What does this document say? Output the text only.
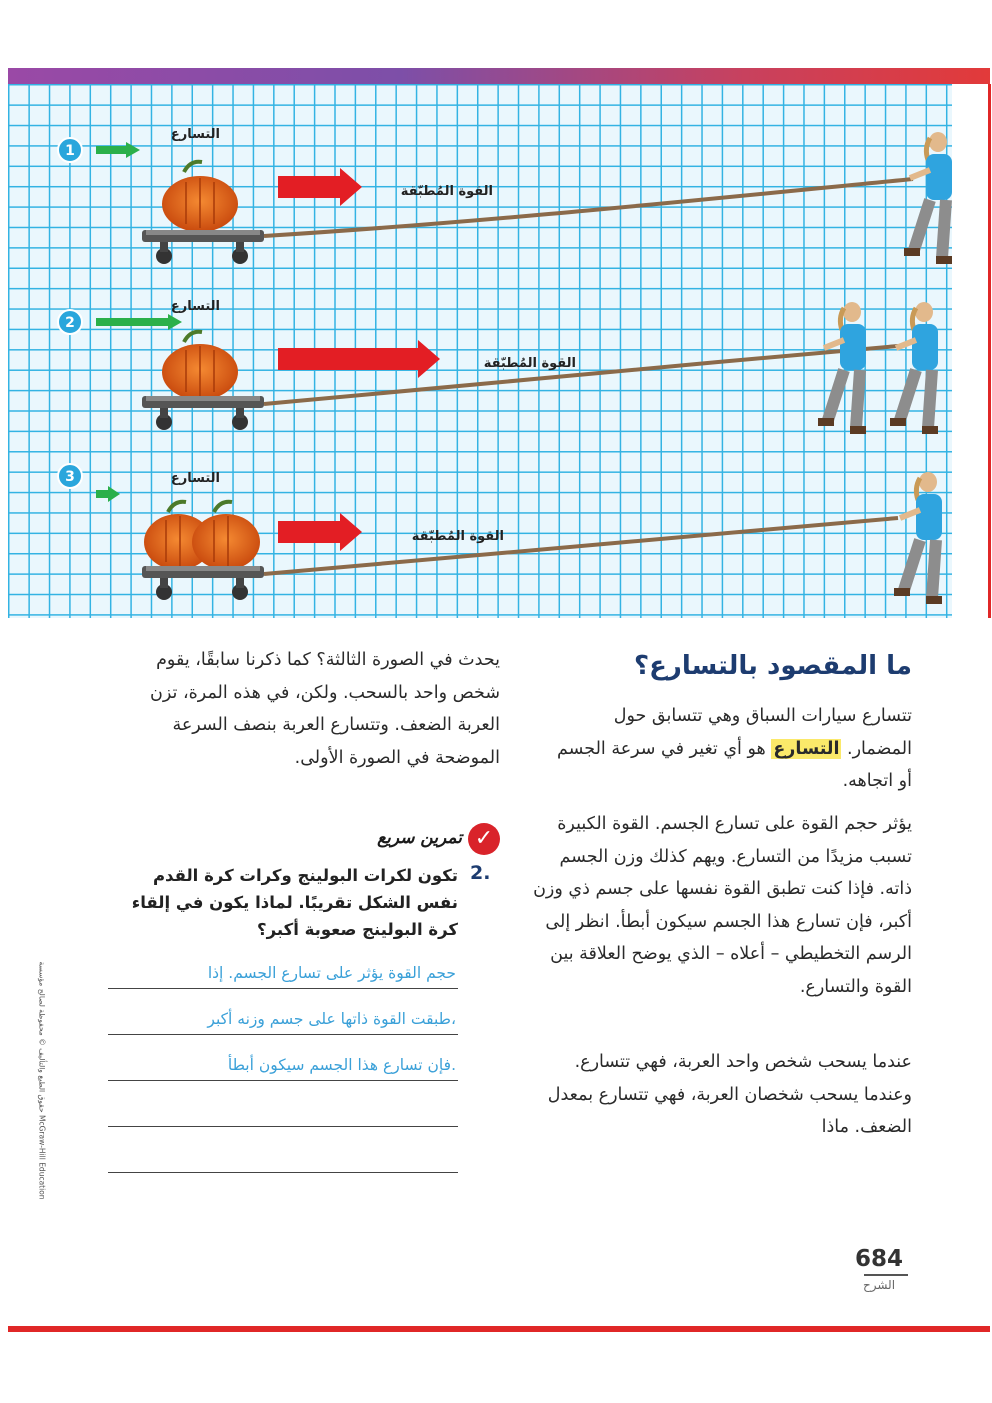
1
التسارع
القوة المُطبّقة
2
التسارع
القوة المُطبّقة
3	التسارع
القوة المُطبّقة
ما المقصود بالتسارع؟
تتسارع سيارات السباق وهي تتسابق حول المضمار. التسارع هو أي تغير في سرعة الجسم أو اتجاهه.
يؤثر حجم القوة على تسارع الجسم. القوة الكبيرة تسبب مزيدًا من التسارع. ويهم كذلك وزن الجسم ذاته. فإذا كنت تطبق القوة نفسها على جسم ذي وزن أكبر، فإن تسارع هذا الجسم سيكون أبطأ. انظر إلى الرسم التخطيطي – أعلاه – الذي يوضح العلاقة بين القوة والتسارع.
عندما يسحب شخص واحد العربة، فهي تتسارع. وعندما يسحب شخصان العربة، فهي تتسارع بمعدل الضعف. ماذا
يحدث في الصورة الثالثة؟ كما ذكرنا سابقًا، يقوم شخص واحد بالسحب. ولكن، في هذه المرة، تزن العربة الضعف. وتتسارع العربة بنصف السرعة الموضحة في الصورة الأولى.
✓
تمرين سريع
2.
تكون لكرات البولينج وكرات كرة القدم نفس الشكل تقريبًا. لماذا يكون في إلقاء كرة البولينج صعوبة أكبر؟
حجم القوة يؤثر على تسارع الجسم. إذا
طبقت القوة ذاتها على جسم وزنه أكبر،
فإن تسارع هذا الجسم سيكون أبطأ.
حقوق الطبع والتأليف © محفوظة لصالح مؤسسة McGraw-Hill Education
684
الشرح
